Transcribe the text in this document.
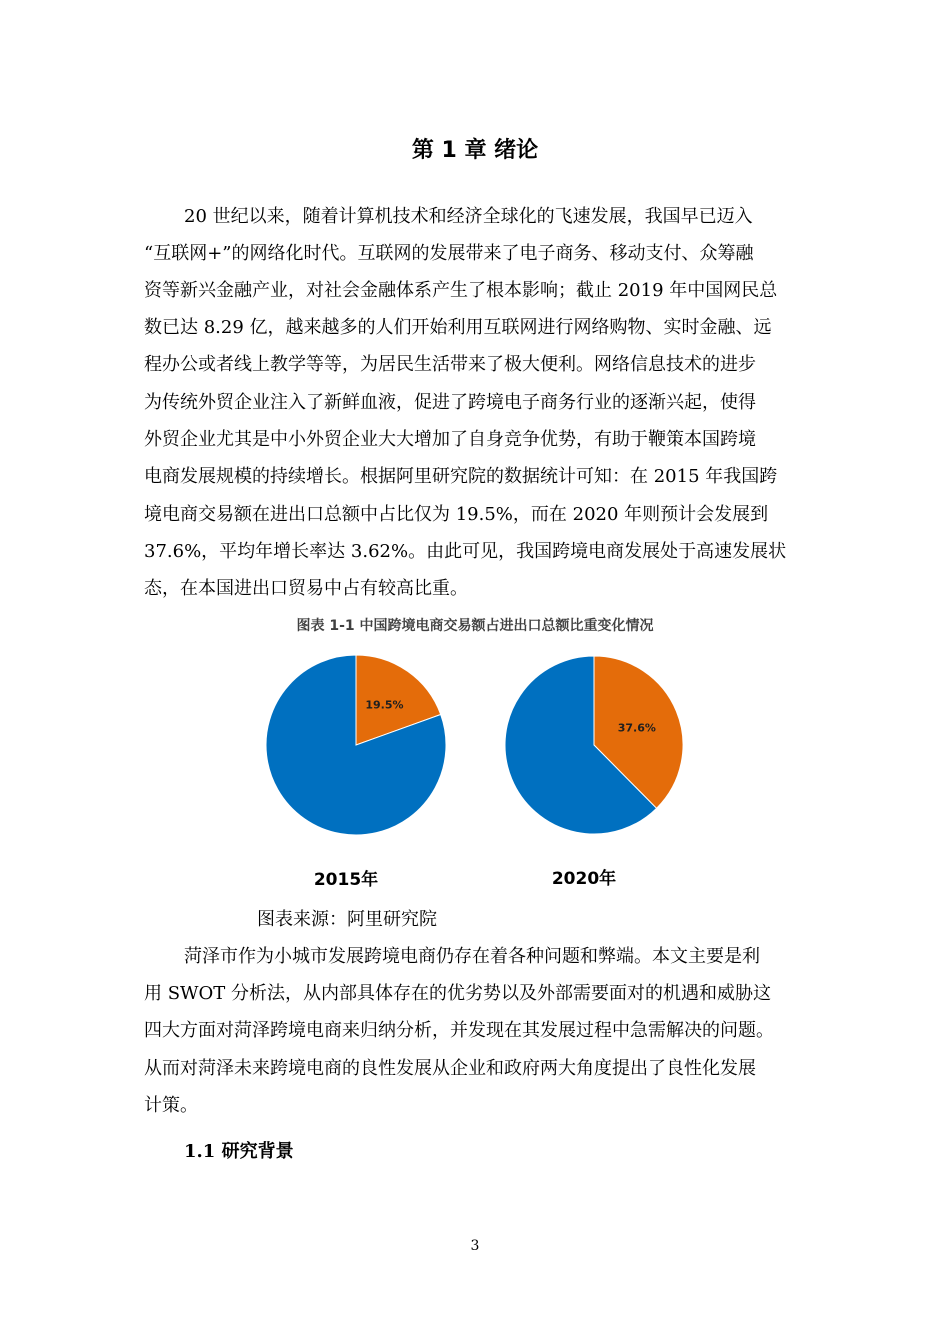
第 1 章 绪论
20 世纪以来，随着计算机技术和经济全球化的飞速发展，我国早已迈入
“互联网+”的网络化时代。互联网的发展带来了电子商务、移动支付、众筹融
资等新兴金融产业，对社会金融体系产生了根本影响；截止 2019 年中国网民总
数已达 8.29 亿，越来越多的人们开始利用互联网进行网络购物、实时金融、远
程办公或者线上教学等等，为居民生活带来了极大便利。网络信息技术的进步
为传统外贸企业注入了新鲜血液，促进了跨境电子商务行业的逐渐兴起，使得
外贸企业尤其是中小外贸企业大大增加了自身竞争优势，有助于鞭策本国跨境
电商发展规模的持续增长。根据阿里研究院的数据统计可知：在 2015 年我国跨
境电商交易额在进出口总额中占比仅为 19.5%，而在 2020 年则预计会发展到
37.6%，平均年增长率达 3.62%。由此可见，我国跨境电商发展处于高速发展状
态，在本国进出口贸易中占有较高比重。
图表 1-1 中国跨境电商交易额占进出口总额比重变化情况
19.5%
2015年
37.6%
2020年
图表来源：阿里研究院
菏泽市作为小城市发展跨境电商仍存在着各种问题和弊端。本文主要是利
用 SWOT 分析法，从内部具体存在的优劣势以及外部需要面对的机遇和威胁这
四大方面对菏泽跨境电商来归纳分析，并发现在其发展过程中急需解决的问题。
从而对菏泽未来跨境电商的良性发展从企业和政府两大角度提出了良性化发展
计策。
1.1 研究背景
3
